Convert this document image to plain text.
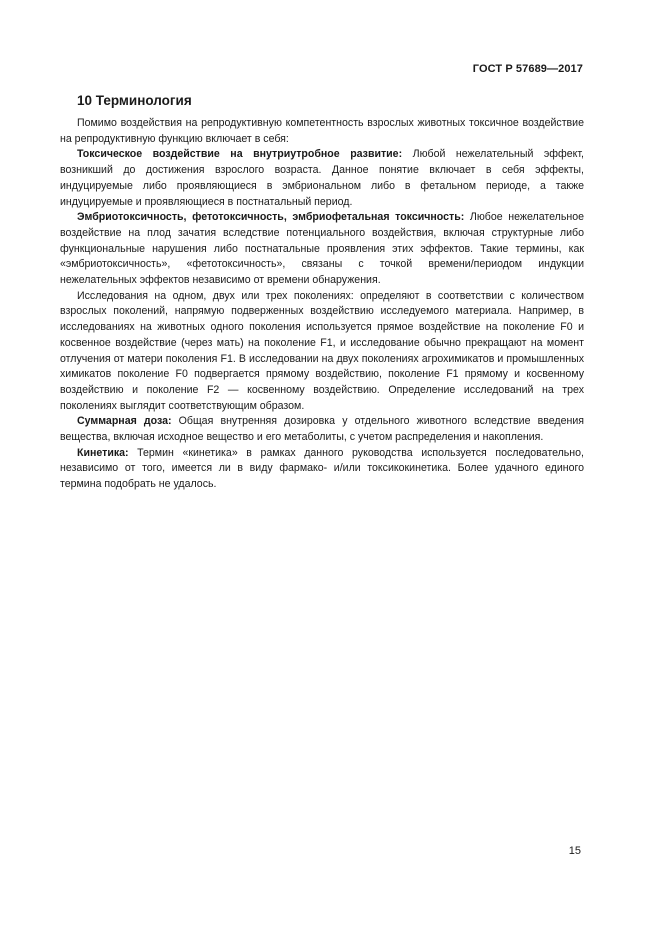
ГОСТ Р 57689—2017
10 Терминология

Помимо воздействия на репродуктивную компетентность взрослых животных токсичное воздействие на репродуктивную функцию включает в себя:

Токсическое воздействие на внутриутробное развитие: Любой нежелательный эффект, возникший до достижения взрослого возраста. Данное понятие включает в себя эффекты, индуцируемые либо проявляющиеся в эмбриональном либо в фетальном периоде, а также индуцируемые и проявляющиеся в постнатальный период.

Эмбриотоксичность, фетотоксичность, эмбриофетальная токсичность: Любое нежелательное воздействие на плод зачатия вследствие потенциального воздействия, включая структурные либо функциональные нарушения либо постнатальные проявления этих эффектов. Такие термины, как «эмбриотоксичность», «фетотоксичность», связаны с точкой времени/периодом индукции нежелательных эффектов независимо от времени обнаружения.

Исследования на одном, двух или трех поколениях: определяют в соответствии с количеством взрослых поколений, напрямую подверженных воздействию исследуемого материала. Например, в исследованиях на животных одного поколения используется прямое воздействие на поколение F0 и косвенное воздействие (через мать) на поколение F1, и исследование обычно прекращают на момент отлучения от матери поколения F1. В исследовании на двух поколениях агрохимикатов и промышленных химикатов поколение F0 подвергается прямому воздействию, поколение F1 прямому и косвенному воздействию и поколение F2 — косвенному воздействию. Определение исследований на трех поколениях выглядит соответствующим образом.

Суммарная доза: Общая внутренняя дозировка у отдельного животного вследствие введения вещества, включая исходное вещество и его метаболиты, с учетом распределения и накопления.

Кинетика: Термин «кинетика» в рамках данного руководства используется последовательно, независимо от того, имеется ли в виду фармако- и/или токсикокинетика. Более удачного единого термина подобрать не удалось.

15
